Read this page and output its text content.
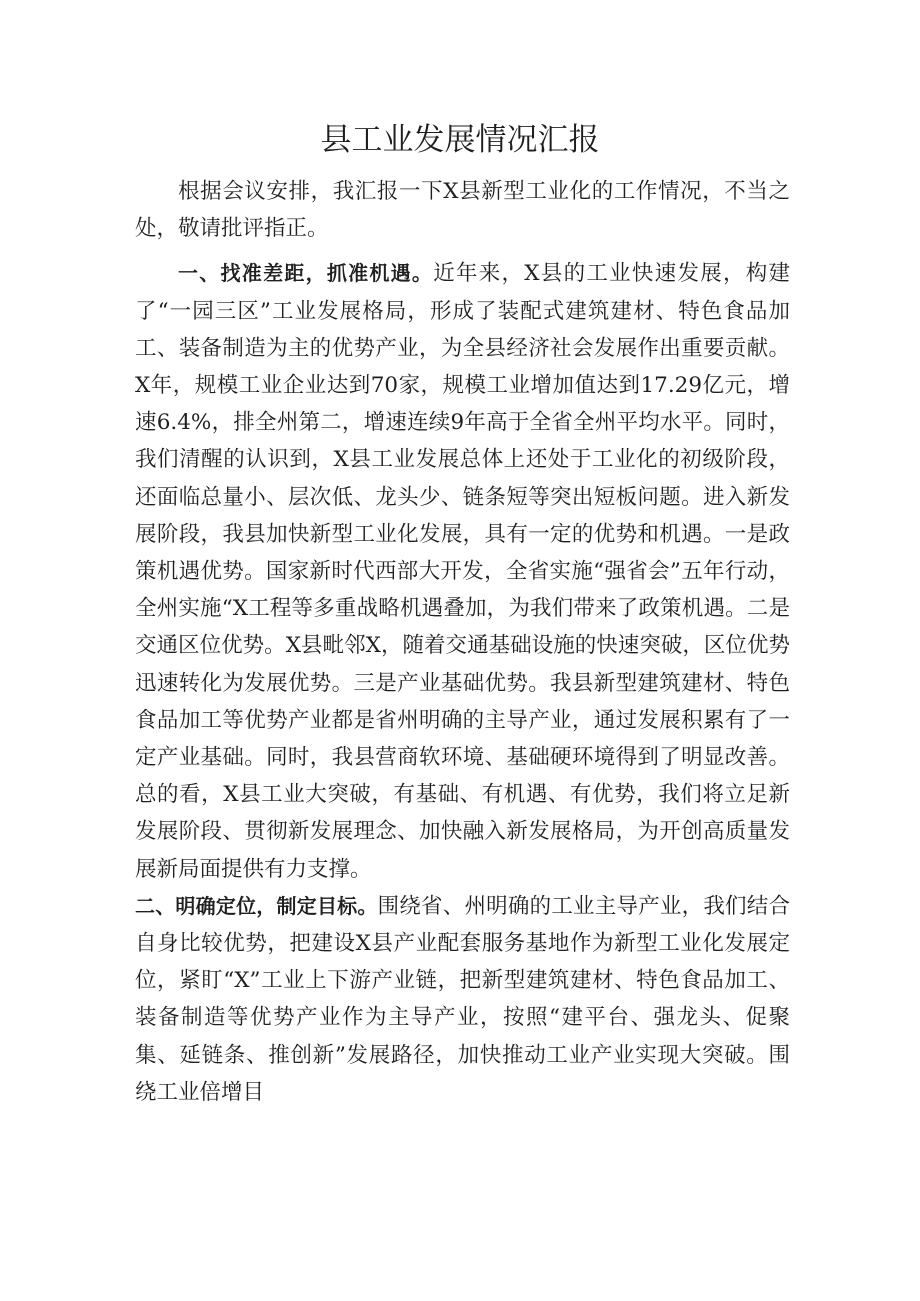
县工业发展情况汇报

根据会议安排，我汇报一下X县新型工业化的工作情况，不当之处，敬请批评指正。

一、找准差距，抓准机遇。近年来，X县的工业快速发展，构建了“一园三区”工业发展格局，形成了装配式建筑建材、特色食品加工、装备制造为主的优势产业，为全县经济社会发展作出重要贡献。X年，规模工业企业达到70家，规模工业增加值达到17.29亿元，增速6.4%，排全州第二，增速连续9年高于全省全州平均水平。同时，我们清醒的认识到，X县工业发展总体上还处于工业化的初级阶段，还面临总量小、层次低、龙头少、链条短等突出短板问题。进入新发展阶段，我县加快新型工业化发展，具有一定的优势和机遇。一是政策机遇优势。国家新时代西部大开发，全省实施“强省会”五年行动，全州实施“X工程等多重战略机遇叠加，为我们带来了政策机遇。二是交通区位优势。X县毗邻X，随着交通基础设施的快速突破，区位优势迅速转化为发展优势。三是产业基础优势。我县新型建筑建材、特色食品加工等优势产业都是省州明确的主导产业，通过发展积累有了一定产业基础。同时，我县营商软环境、基础硬环境得到了明显改善。总的看，X县工业大突破，有基础、有机遇、有优势，我们将立足新发展阶段、贯彻新发展理念、加快融入新发展格局，为开创高质量发展新局面提供有力支撑。

二、明确定位，制定目标。围绕省、州明确的工业主导产业，我们结合自身比较优势，把建设X县产业配套服务基地作为新型工业化发展定位，紧盯“X”工业上下游产业链，把新型建筑建材、特色食品加工、装备制造等优势产业作为主导产业，按照“建平台、强龙头、促聚集、延链条、推创新”发展路径，加快推动工业产业实现大突破。围绕工业倍增目
